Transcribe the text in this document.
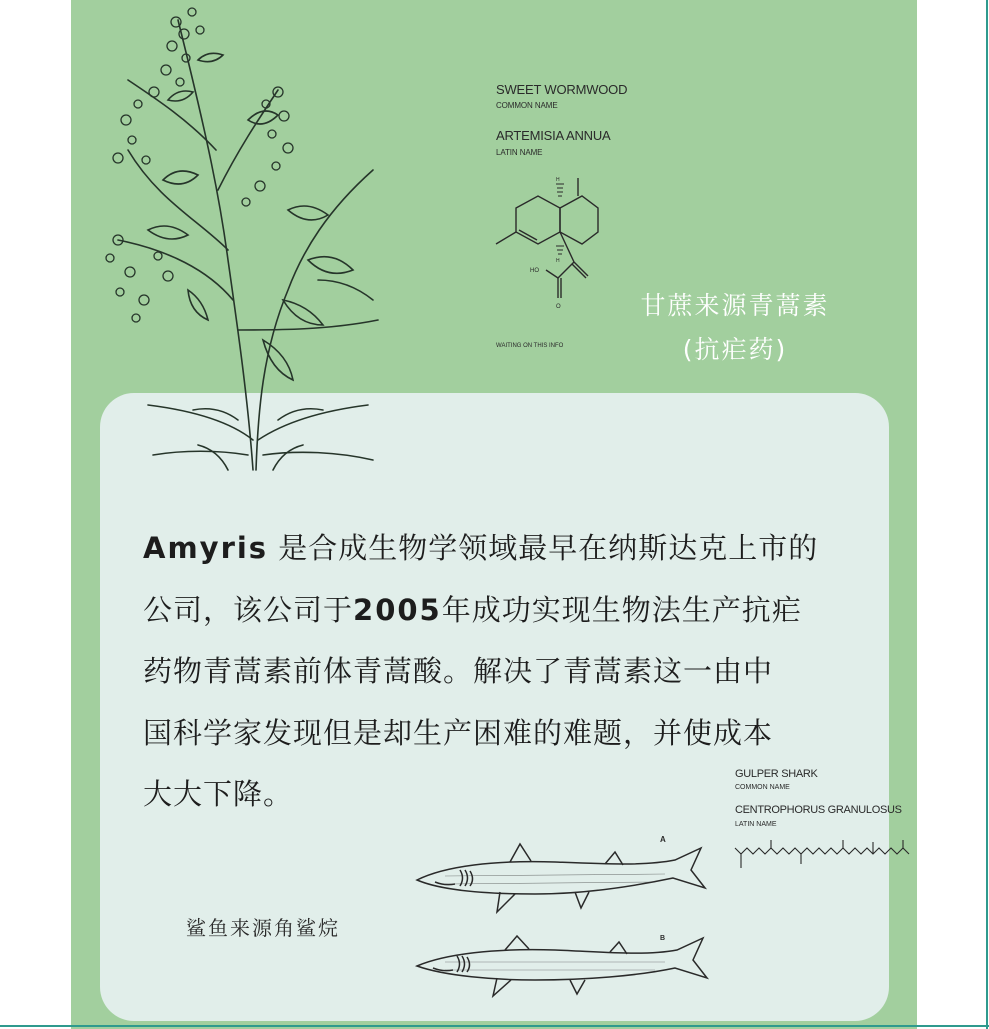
SWEET WORMWOOD
COMMON NAME
ARTEMISIA ANNUA
LATIN NAME
WAITING ON THIS INFO
H
H
HO
O	甘蔗来源青蒿素
(抗疟药)
Amyris 是合成生物学领域最早在纳斯达克上市的
公司，该公司于2005年成功实现生物法生产抗疟
药物青蒿素前体青蒿酸。解决了青蒿素这一由中
国科学家发现但是却生产困难的难题，并使成本
大大下降。
GULPER SHARK
COMMON NAME
CENTROPHORUS GRANULOSUS
LATIN NAME
A
B
鲨鱼来源角鲨烷
